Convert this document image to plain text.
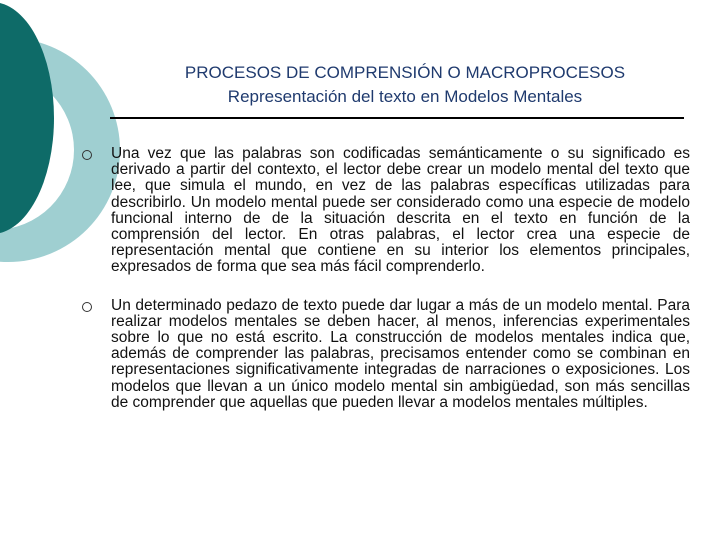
PROCESOS DE COMPRENSIÓN O MACROPROCESOS
Representación del texto en Modelos Mentales
Una vez que las palabras son codificadas semánticamente o su significado es derivado a partir del contexto, el lector debe crear un modelo mental del texto que lee, que simula el mundo, en vez de las palabras específicas utilizadas para describirlo. Un modelo mental puede ser considerado como una especie de modelo funcional interno de de la situación descrita en el texto en función de la comprensión del lector. En otras palabras, el lector crea una especie de representación mental que contiene en su interior los elementos principales, expresados de forma que sea más fácil comprenderlo.
Un determinado pedazo de texto puede dar lugar a más de un modelo mental. Para realizar modelos mentales se deben hacer, al menos, inferencias experimentales sobre lo que no está escrito. La construcción de modelos mentales indica que, además de comprender las palabras, precisamos entender como se combinan en representaciones significativamente integradas de narraciones o exposiciones. Los modelos que llevan a un único modelo mental sin ambigüedad, son más sencillas de comprender que aquellas que pueden llevar a modelos mentales múltiples.
